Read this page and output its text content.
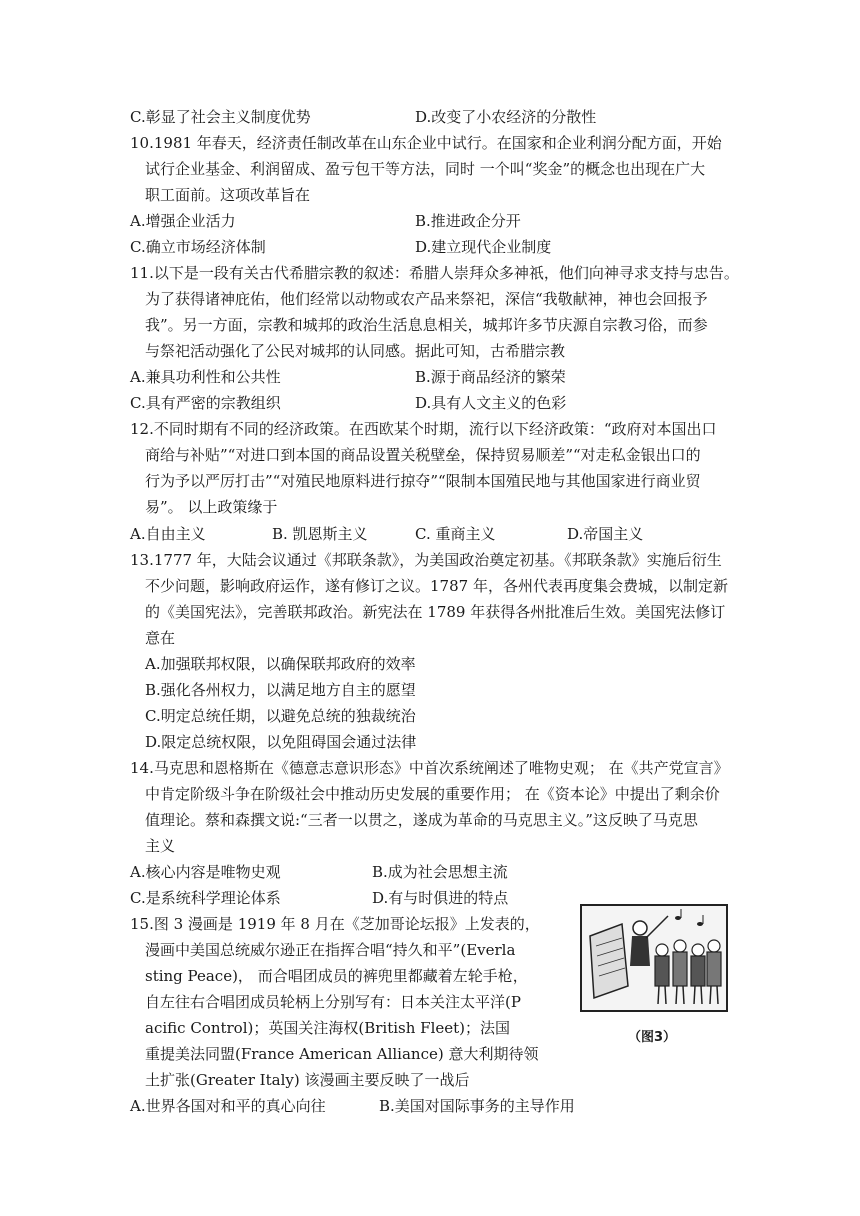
C.彰显了社会主义制度优势	D.改变了小农经济的分散性
10.1981 年春天，经济责任制改革在山东企业中试行。在国家和企业利润分配方面，开始
试行企业基金、利润留成、盈亏包干等方法，同时 一个叫“奖金”的概念也出现在广大
职工面前。这项改革旨在
A.增强企业活力	B.推进政企分开
C.确立市场经济体制	D.建立现代企业制度
11.以下是一段有关古代希腊宗教的叙述：希腊人崇拜众多神祇，他们向神寻求支持与忠告。
为了获得诸神庇佑，他们经常以动物或农产品来祭祀，深信“我敬献神，神也会回报予
我”。另一方面，宗教和城邦的政治生活息息相关，城邦许多节庆源自宗教习俗，而参
与祭祀活动强化了公民对城邦的认同感。据此可知，古希腊宗教
A.兼具功利性和公共性	B.源于商品经济的繁荣
C.具有严密的宗教组织	D.具有人文主义的色彩
12.不同时期有不同的经济政策。在西欧某个时期，流行以下经济政策：“政府对本国出口
商给与补贴”“对进口到本国的商品设置关税壁垒，保持贸易顺差”“对走私金银出口的
行为予以严厉打击”“对殖民地原料进行掠夺”“限制本国殖民地与其他国家进行商业贸
易”。 以上政策缘于
A.自由主义	B. 凯恩斯主义	C. 重商主义	D.帝国主义
13.1777 年，大陆会议通过《邦联条款》，为美国政治奠定初基。《邦联条款》实施后衍生
不少问题，影响政府运作，遂有修订之议。1787 年，各州代表再度集会费城，以制定新
的《美国宪法》，完善联邦政治。新宪法在 1789 年获得各州批准后生效。美国宪法修订
意在
A.加强联邦权限，以确保联邦政府的效率
B.强化各州权力，以满足地方自主的愿望
C.明定总统任期，以避免总统的独裁统治
D.限定总统权限，以免阻碍国会通过法律
14.马克思和恩格斯在《德意志意识形态》中首次系统阐述了唯物史观； 在《共产党宣言》
中肯定阶级斗争在阶级社会中推动历史发展的重要作用； 在《资本论》中提出了剩余价
值理论。蔡和森撰文说:“三者一以贯之，遂成为革命的马克思主义。”这反映了马克思
主义
A.核心内容是唯物史观	B.成为社会思想主流
C.是系统科学理论体系	D.有与时俱进的特点
15.图 3 漫画是 1919 年 8 月在《芝加哥论坛报》上发表的，
漫画中美国总统威尔逊正在指挥合唱“持久和平”(Everla
sting Peace)， 而合唱团成员的裤兜里都藏着左轮手枪，
自左往右合唱团成员轮柄上分别写有：日本关注太平洋(P
acific Control)；英国关注海权(British Fleet)；法国
重提美法同盟(France American Alliance) 意大利期待领
土扩张(Greater Italy) 该漫画主要反映了一战后
A.世界各国对和平的真心向往	B.美国对国际事务的主导作用
（图3）
